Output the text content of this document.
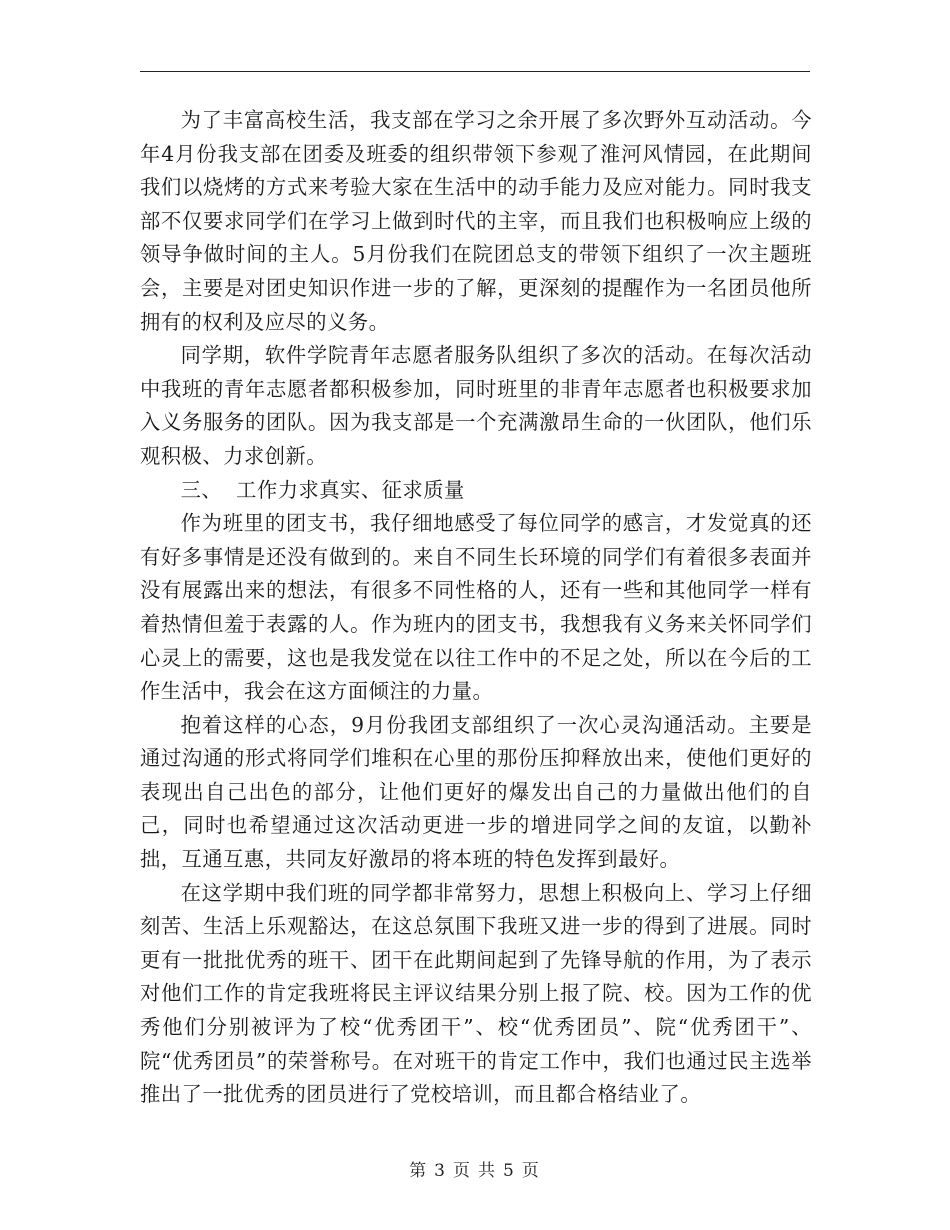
为了丰富高校生活，我支部在学习之余开展了多次野外互动活动。今年4月份我支部在团委及班委的组织带领下参观了淮河风情园，在此期间我们以烧烤的方式来考验大家在生活中的动手能力及应对能力。同时我支部不仅要求同学们在学习上做到时代的主宰，而且我们也积极响应上级的领导争做时间的主人。5月份我们在院团总支的带领下组织了一次主题班会，主要是对团史知识作进一步的了解，更深刻的提醒作为一名团员他所拥有的权利及应尽的义务。

同学期，软件学院青年志愿者服务队组织了多次的活动。在每次活动中我班的青年志愿者都积极参加，同时班里的非青年志愿者也积极要求加入义务服务的团队。因为我支部是一个充满激昂生命的一伙团队，他们乐观积极、力求创新。

三、 工作力求真实、征求质量

作为班里的团支书，我仔细地感受了每位同学的感言，才发觉真的还有好多事情是还没有做到的。来自不同生长环境的同学们有着很多表面并没有展露出来的想法，有很多不同性格的人，还有一些和其他同学一样有着热情但羞于表露的人。作为班内的团支书，我想我有义务来关怀同学们心灵上的需要，这也是我发觉在以往工作中的不足之处，所以在今后的工作生活中，我会在这方面倾注的力量。

抱着这样的心态，9月份我团支部组织了一次心灵沟通活动。主要是通过沟通的形式将同学们堆积在心里的那份压抑释放出来，使他们更好的表现出自己出色的部分，让他们更好的爆发出自己的力量做出他们的自己，同时也希望通过这次活动更进一步的增进同学之间的友谊，以勤补拙，互通互惠，共同友好激昂的将本班的特色发挥到最好。

在这学期中我们班的同学都非常努力，思想上积极向上、学习上仔细刻苦、生活上乐观豁达，在这总氛围下我班又进一步的得到了进展。同时更有一批批优秀的班干、团干在此期间起到了先锋导航的作用，为了表示对他们工作的肯定我班将民主评议结果分别上报了院、校。因为工作的优秀他们分别被评为了校“优秀团干”、校“优秀团员”、院“优秀团干”、院“优秀团员”的荣誉称号。在对班干的肯定工作中，我们也通过民主选举推出了一批优秀的团员进行了党校培训，而且都合格结业了。

第 3 页 共 5 页
